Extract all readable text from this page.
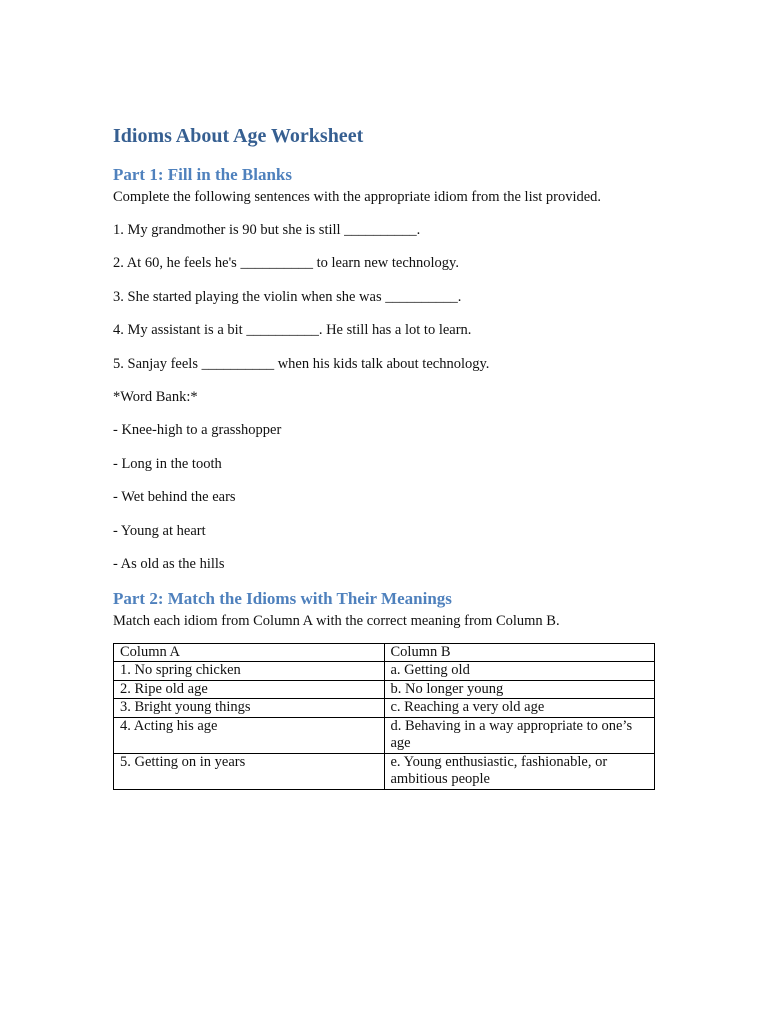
Idioms About Age Worksheet
Part 1: Fill in the Blanks

Complete the following sentences with the appropriate idiom from the list provided.

1. My grandmother is 90 but she is still __________.

2. At 60, he feels he's __________ to learn new technology.

3. She started playing the violin when she was __________.

4. My assistant is a bit __________. He still has a lot to learn.

5. Sanjay feels __________ when his kids talk about technology.

*Word Bank:*

- Knee-high to a grasshopper

- Long in the tooth

- Wet behind the ears

- Young at heart

- As old as the hills

Part 2: Match the Idioms with Their Meanings

Match each idiom from Column A with the correct meaning from Column B.

Column A	Column B
1. No spring chicken	a. Getting old
2. Ripe old age	b. No longer young
3. Bright young things	c. Reaching a very old age
4. Acting his age	d. Behaving in a way appropriate to one’s age
5. Getting on in years	e. Young enthusiastic, fashionable, or ambitious people
